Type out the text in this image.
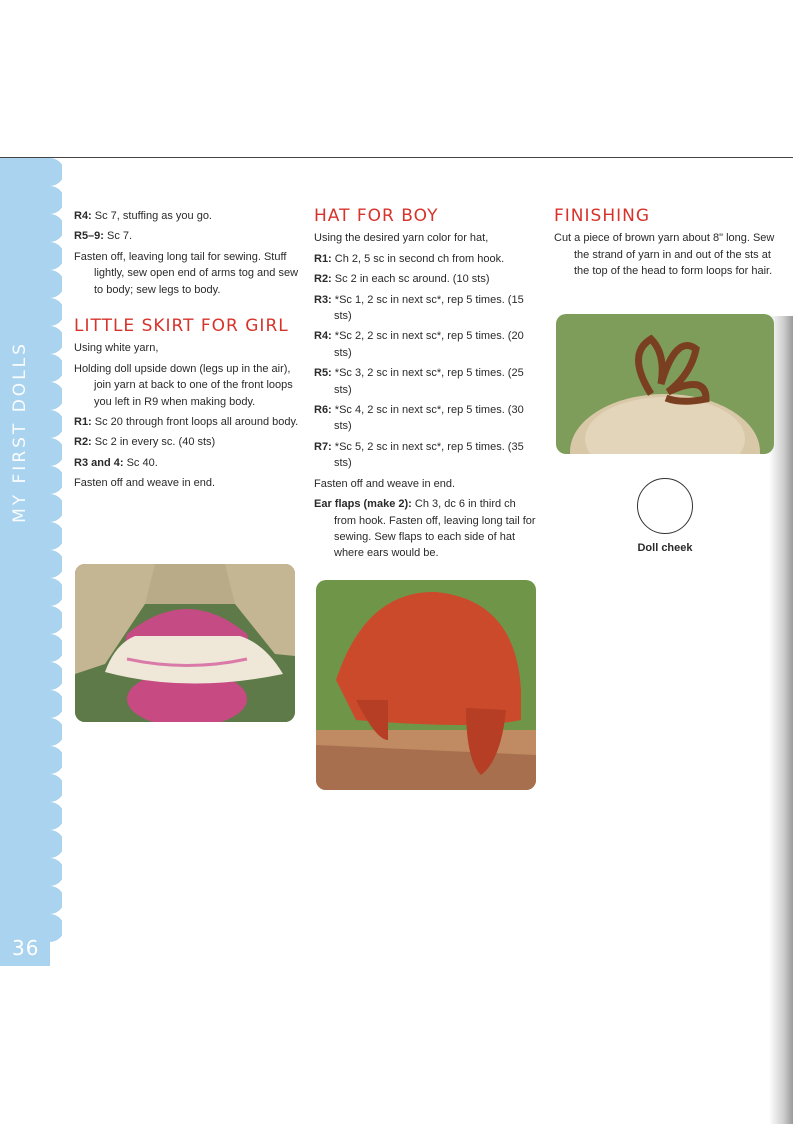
MY FIRST DOLLS
36

R4: Sc 7, stuffing as you go.

R5–9: Sc 7.

Fasten off, leaving long tail for sewing. Stuff lightly, sew open end of arms tog and sew to body; sew legs to body.

LITTLE SKIRT FOR GIRL

Using white yarn,

Holding doll upside down (legs up in the air), join yarn at back to one of the front loops you left in R9 when making body.

R1: Sc 20 through front loops all around body.

R2: Sc 2 in every sc. (40 sts)

R3 and 4: Sc 40.

Fasten off and weave in end.

HAT FOR BOY

Using the desired yarn color for hat,

R1: Ch 2, 5 sc in second ch from hook.

R2: Sc 2 in each sc around. (10 sts)

R3: *Sc 1, 2 sc in next sc*, rep 5 times. (15 sts)

R4: *Sc 2, 2 sc in next sc*, rep 5 times. (20 sts)

R5: *Sc 3, 2 sc in next sc*, rep 5 times. (25 sts)

R6: *Sc 4, 2 sc in next sc*, rep 5 times. (30 sts)

R7: *Sc 5, 2 sc in next sc*, rep 5 times. (35 sts)

Fasten off and weave in end.

Ear flaps (make 2): Ch 3, dc 6 in third ch from hook. Fasten off, leaving long tail for sewing. Sew flaps to each side of hat where ears would be.

FINISHING

Cut a piece of brown yarn about 8" long. Sew the strand of yarn in and out of the sts at the top of the head to form loops for hair.

Doll cheek
